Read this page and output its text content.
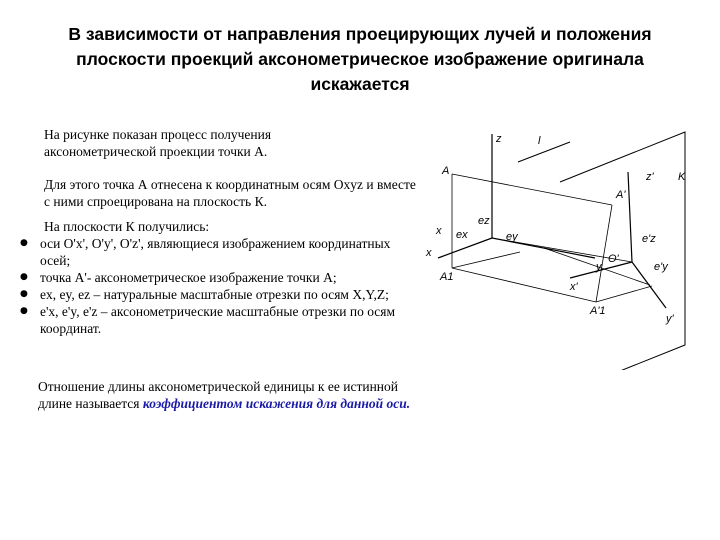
В зависимости от направления проецирующих лучей и положения плоскости проекций аксонометрическое изображение оригинала искажается
На рисунке показан процесс получения аксонометрической проекции точки А.
Для этого точка А отнесена к координатным осям Oxyz и вместе с ними спроецирована на плоскость К.
На плоскости К получились:
● оси O'x', O'y', O'z', являющиеся изображением координатных осей;
● точка A'- аксонометрическое изображение точки А;
● ex, ey, ez – натуральные масштабные отрезки по осям X,Y,Z;
● e'x, e'y, e'z – аксонометрические масштабные отрезки по осям координат.
Отношение длины аксонометрической единицы к ее истинной длине называется коэффициентом искажения для данной оси.
z	l
A	z' K
A'
ez
x
x
ex	ey
A1
O'
e'z
e'y
x'
A'1
y'
y
